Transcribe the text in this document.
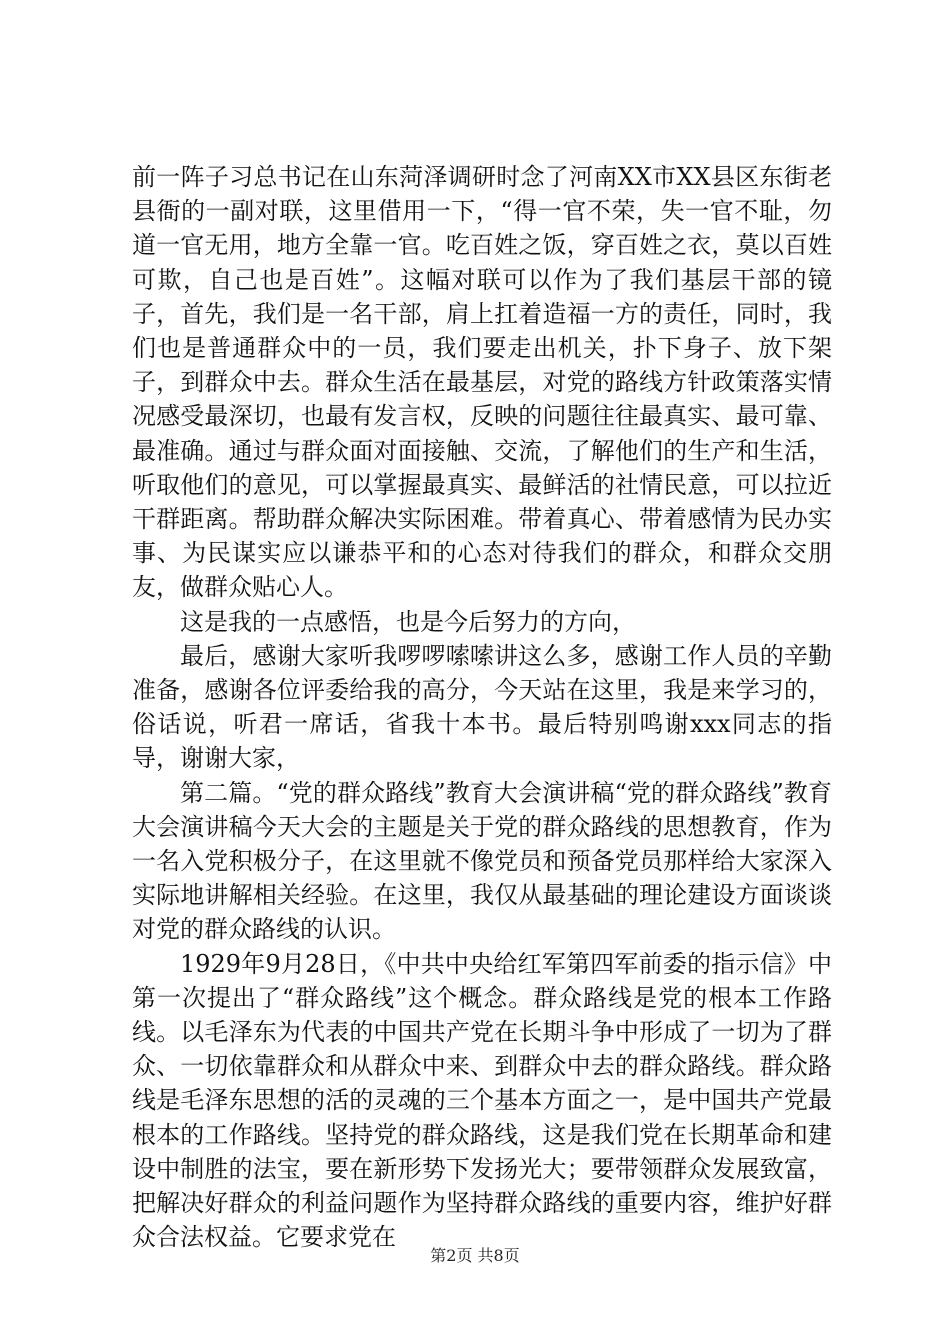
前一阵子习总书记在山东菏泽调研时念了河南XX市XX县区东街老县衙的一副对联，这里借用一下，“得一官不荣，失一官不耻，勿道一官无用，地方全靠一官。吃百姓之饭，穿百姓之衣，莫以百姓可欺，自己也是百姓”。这幅对联可以作为了我们基层干部的镜子，首先，我们是一名干部，肩上扛着造福一方的责任，同时，我们也是普通群众中的一员，我们要走出机关，扑下身子、放下架子，到群众中去。群众生活在最基层，对党的路线方针政策落实情况感受最深切，也最有发言权，反映的问题往往最真实、最可靠、最准确。通过与群众面对面接触、交流，了解他们的生产和生活，听取他们的意见，可以掌握最真实、最鲜活的社情民意，可以拉近干群距离。帮助群众解决实际困难。带着真心、带着感情为民办实事、为民谋实应以谦恭平和的心态对待我们的群众，和群众交朋友，做群众贴心人。

这是我的一点感悟，也是今后努力的方向，

最后，感谢大家听我啰啰嗦嗦讲这么多，感谢工作人员的辛勤准备，感谢各位评委给我的高分，今天站在这里，我是来学习的，俗话说，听君一席话，省我十本书。最后特别鸣谢xxx同志的指导，谢谢大家，

第二篇。“党的群众路线”教育大会演讲稿“党的群众路线”教育大会演讲稿今天大会的主题是关于党的群众路线的思想教育，作为一名入党积极分子，在这里就不像党员和预备党员那样给大家深入实际地讲解相关经验。在这里，我仅从最基础的理论建设方面谈谈对党的群众路线的认识。

1929年9月28日，《中共中央给红军第四军前委的指示信》中第一次提出了“群众路线”这个概念。群众路线是党的根本工作路线。以毛泽东为代表的中国共产党在长期斗争中形成了一切为了群众、一切依靠群众和从群众中来、到群众中去的群众路线。群众路线是毛泽东思想的活的灵魂的三个基本方面之一，是中国共产党最根本的工作路线。坚持党的群众路线，这是我们党在长期革命和建设中制胜的法宝，要在新形势下发扬光大；要带领群众发展致富，把解决好群众的利益问题作为坚持群众路线的重要内容，维护好群众合法权益。它要求党在

第2页 共8页
